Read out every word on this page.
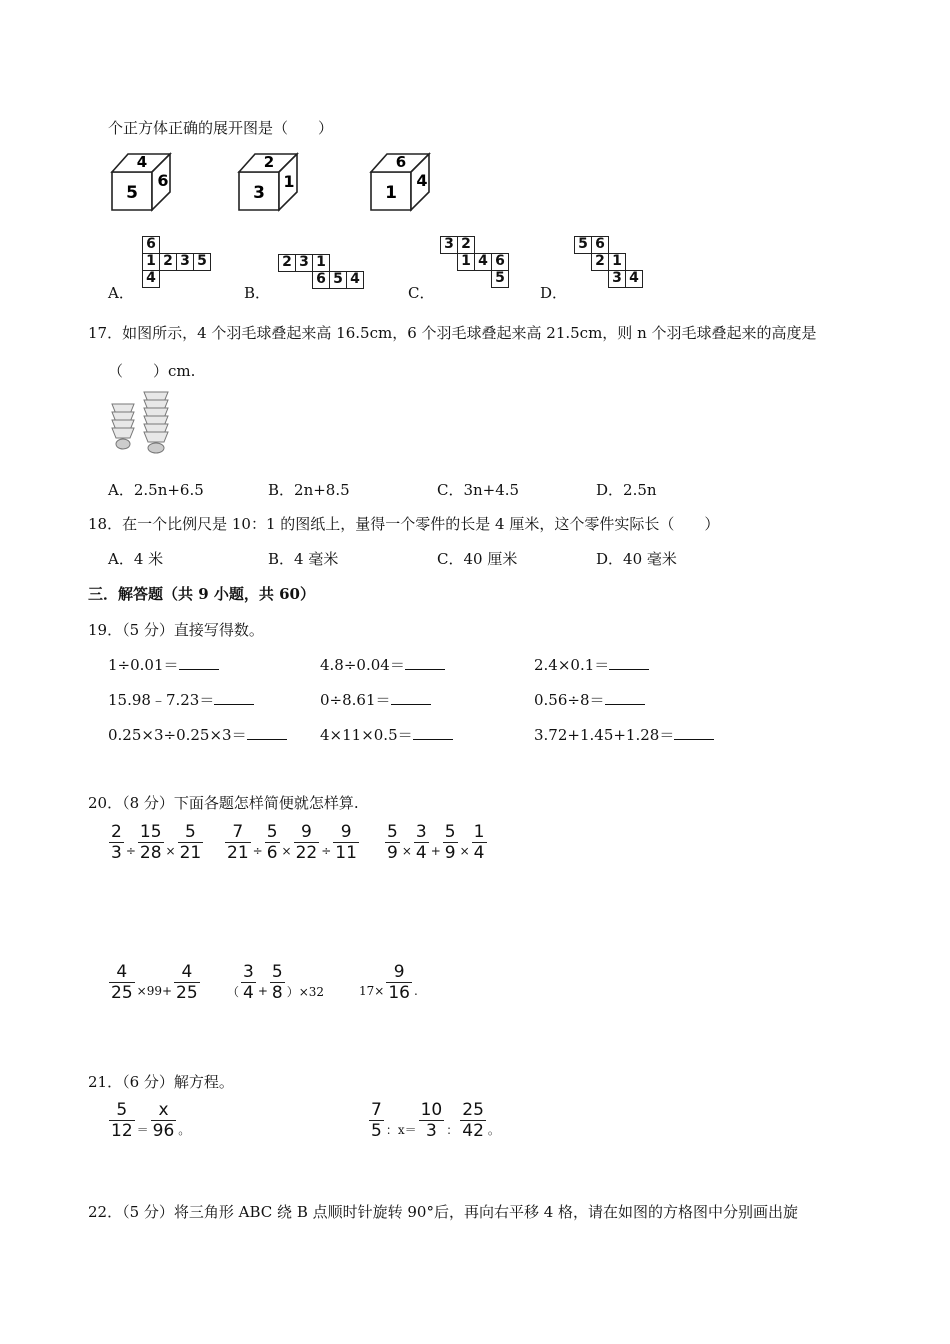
个正方体正确的展开图是（　　）
4
5
6
2
3
1
6
1
4
A．	B．	C．	D．
6
1 2 3 5
4
2 3 1
6 5 4
3 2
1 4 6
5
5 6
2 1
3 4
17．如图所示，4 个羽毛球叠起来高 16.5cm，6 个羽毛球叠起来高 21.5cm，则 n 个羽毛球叠起来的高度是
（　　）cm.
A．2.5n+6.5	B．2n+8.5	C．3n+4.5	D．2.5n
18．在一个比例尺是 10：1 的图纸上，量得一个零件的长是 4 厘米，这个零件实际长（　　）
A．4 米	B．4 毫米	C．40 厘米	D．40 毫米
三．解答题（共 9 小题，共 60）
19．（5 分）直接写得数。
1÷0.01＝	4.8÷0.04＝	2.4×0.1＝
15.98﹣7.23＝	0÷8.61＝	0.56÷8＝
0.25×3÷0.25×3＝	4×11×0.5＝	3.72+1.45+1.28＝
20．（8 分）下面各题怎样简便就怎样算.
$\frac{2}{3} \div \frac{15}{28} \times \frac{5}{21} \frac{7}{21} \div \frac{5}{6} \times \frac{9}{22} \div \frac{9}{11} \frac{5}{9} \times \frac{3}{4} + \frac{5}{9} \times \frac{1}{4}$
$\frac{4}{25} \times 99+ \frac{4}{25}$ （ $\frac{3}{4} + \frac{5}{8} )\times 32$	$17\times \frac{9}{16}$ .
21．（6 分）解方程。
$\frac{5}{12} = \frac{x}{96}$ 。	$\frac{7}{5}$ ：$x= \frac{10}{3}$ ： $\frac{25}{42}$ 。
22．（5 分）将三角形 ABC 绕 B 点顺时针旋转 90°后，再向右平移 4 格，请在如图的方格图中分别画出旋
